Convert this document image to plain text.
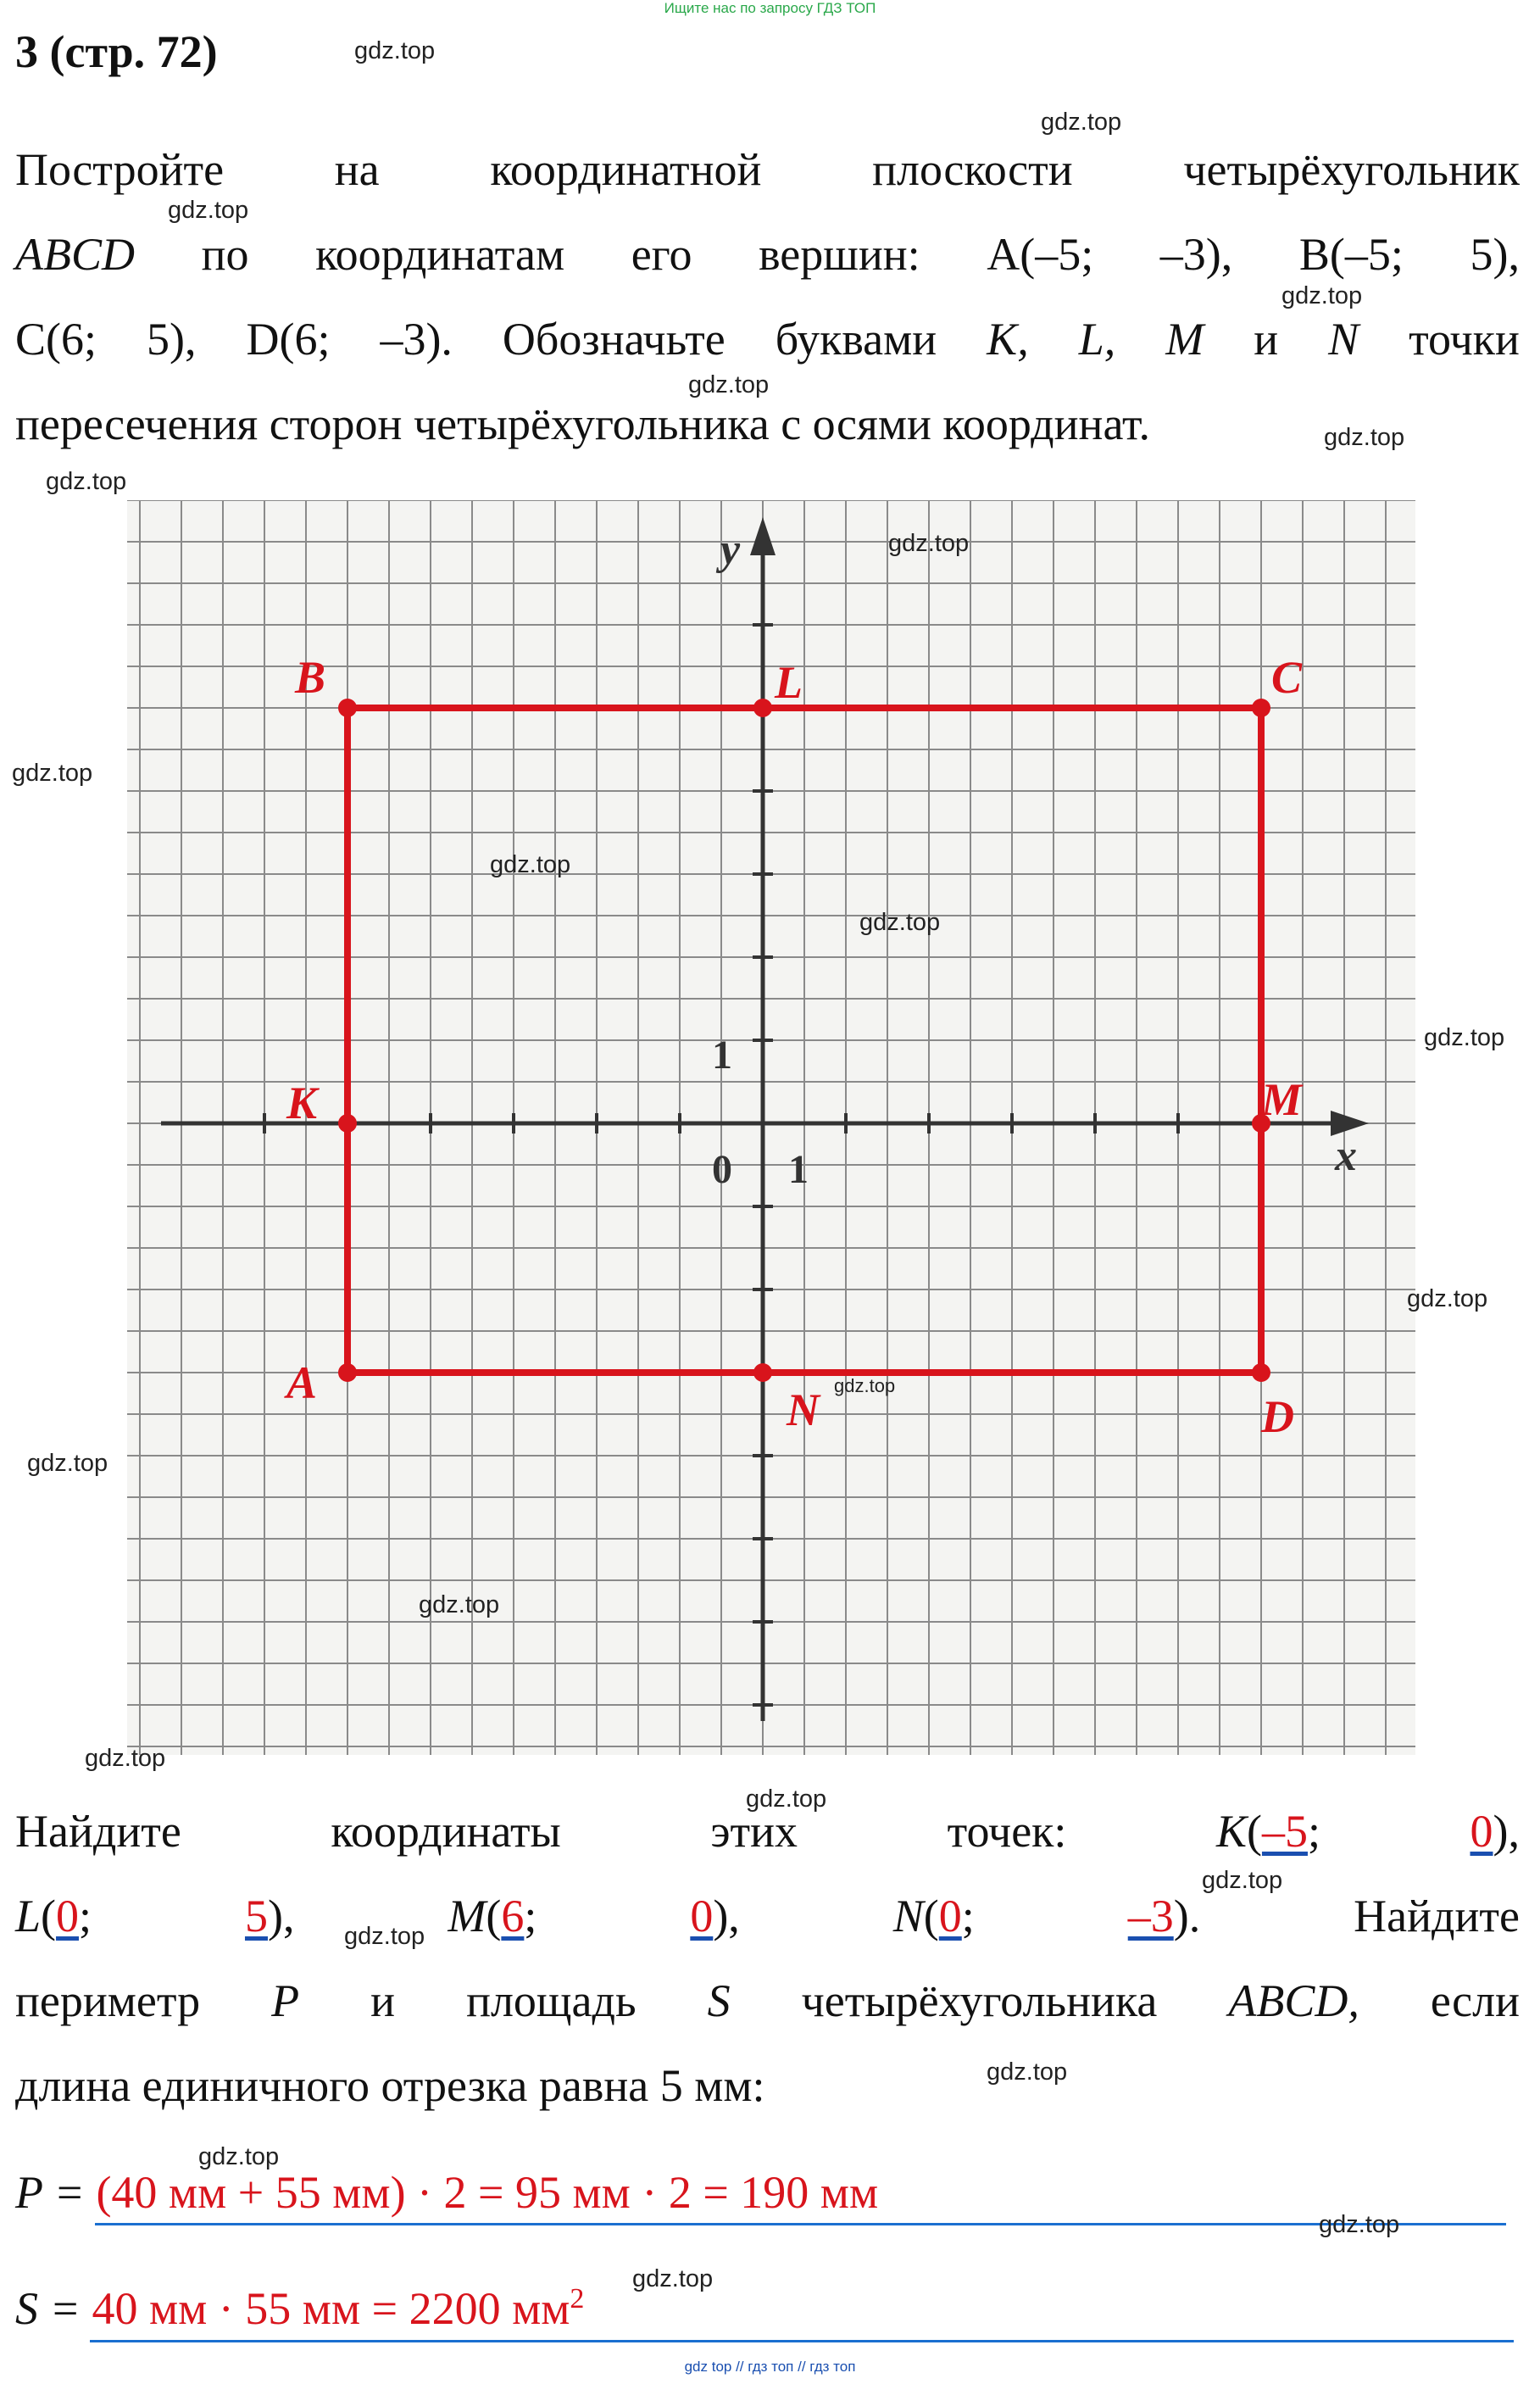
Ищите нас по запросу ГДЗ ТОП
3 (стр. 72)
Постройте на координатной плоскости четырёхугольник
ABCD по координатам его вершин: A(–5; –3), B(–5; 5),
C(6; 5), D(6; –3). Обозначьте буквами K, L, M и N точки
пересечения сторон четырёхугольника с осями координат.
x
y
0 1
1
A
B	C
D
K
L
M
N
Найдите	координаты	этих	точек:	K(–5;	0),
L(0;	5),	M(6;	0),	N(0;	–3).	Найдите
периметр P и площадь S четырёхугольника ABCD, если
длина единичного отрезка равна 5 мм:
P = (40 мм + 55 мм) · 2 = 95 мм · 2 = 190 мм
S = 40 мм · 55 мм = 2200 $мм^2$
gdz.top
gdz.top
gdz.top
gdz.top
gdz.top
gdz.top
gdz.top
gdz.top
gdz.top
gdz.top
gdz.top
gdz.top
gdz.top
gdz.top
gdz.top
gdz.top
gdz.top
gdz.top
gdz.top
gdz.top
gdz.top
gdz.top
gdz.top
gdz.top
gdz top // гдз топ // гдз топ
